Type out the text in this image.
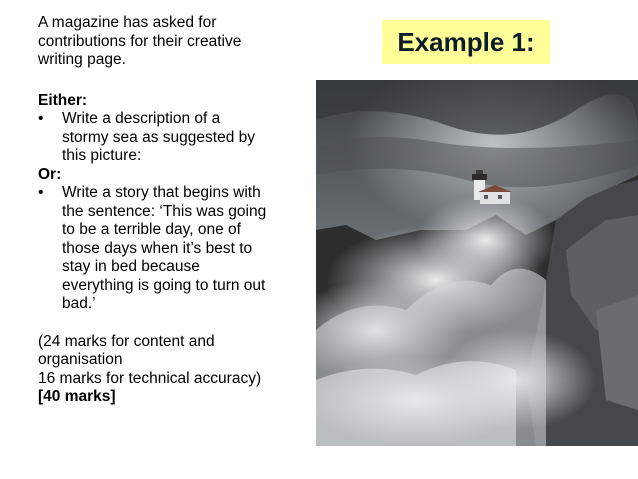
A magazine has asked for
contributions for their creative
writing page.
Either:
• Write a description of a
stormy sea as suggested by
this picture:
Or:
• Write a story that begins with
the sentence: ‘This was going
to be a terrible day, one of
those days when it’s best to
stay in bed because
everything is going to turn out
bad.’
(24 marks for content and
organisation
16 marks for technical accuracy)
[40 marks]
Example 1:
